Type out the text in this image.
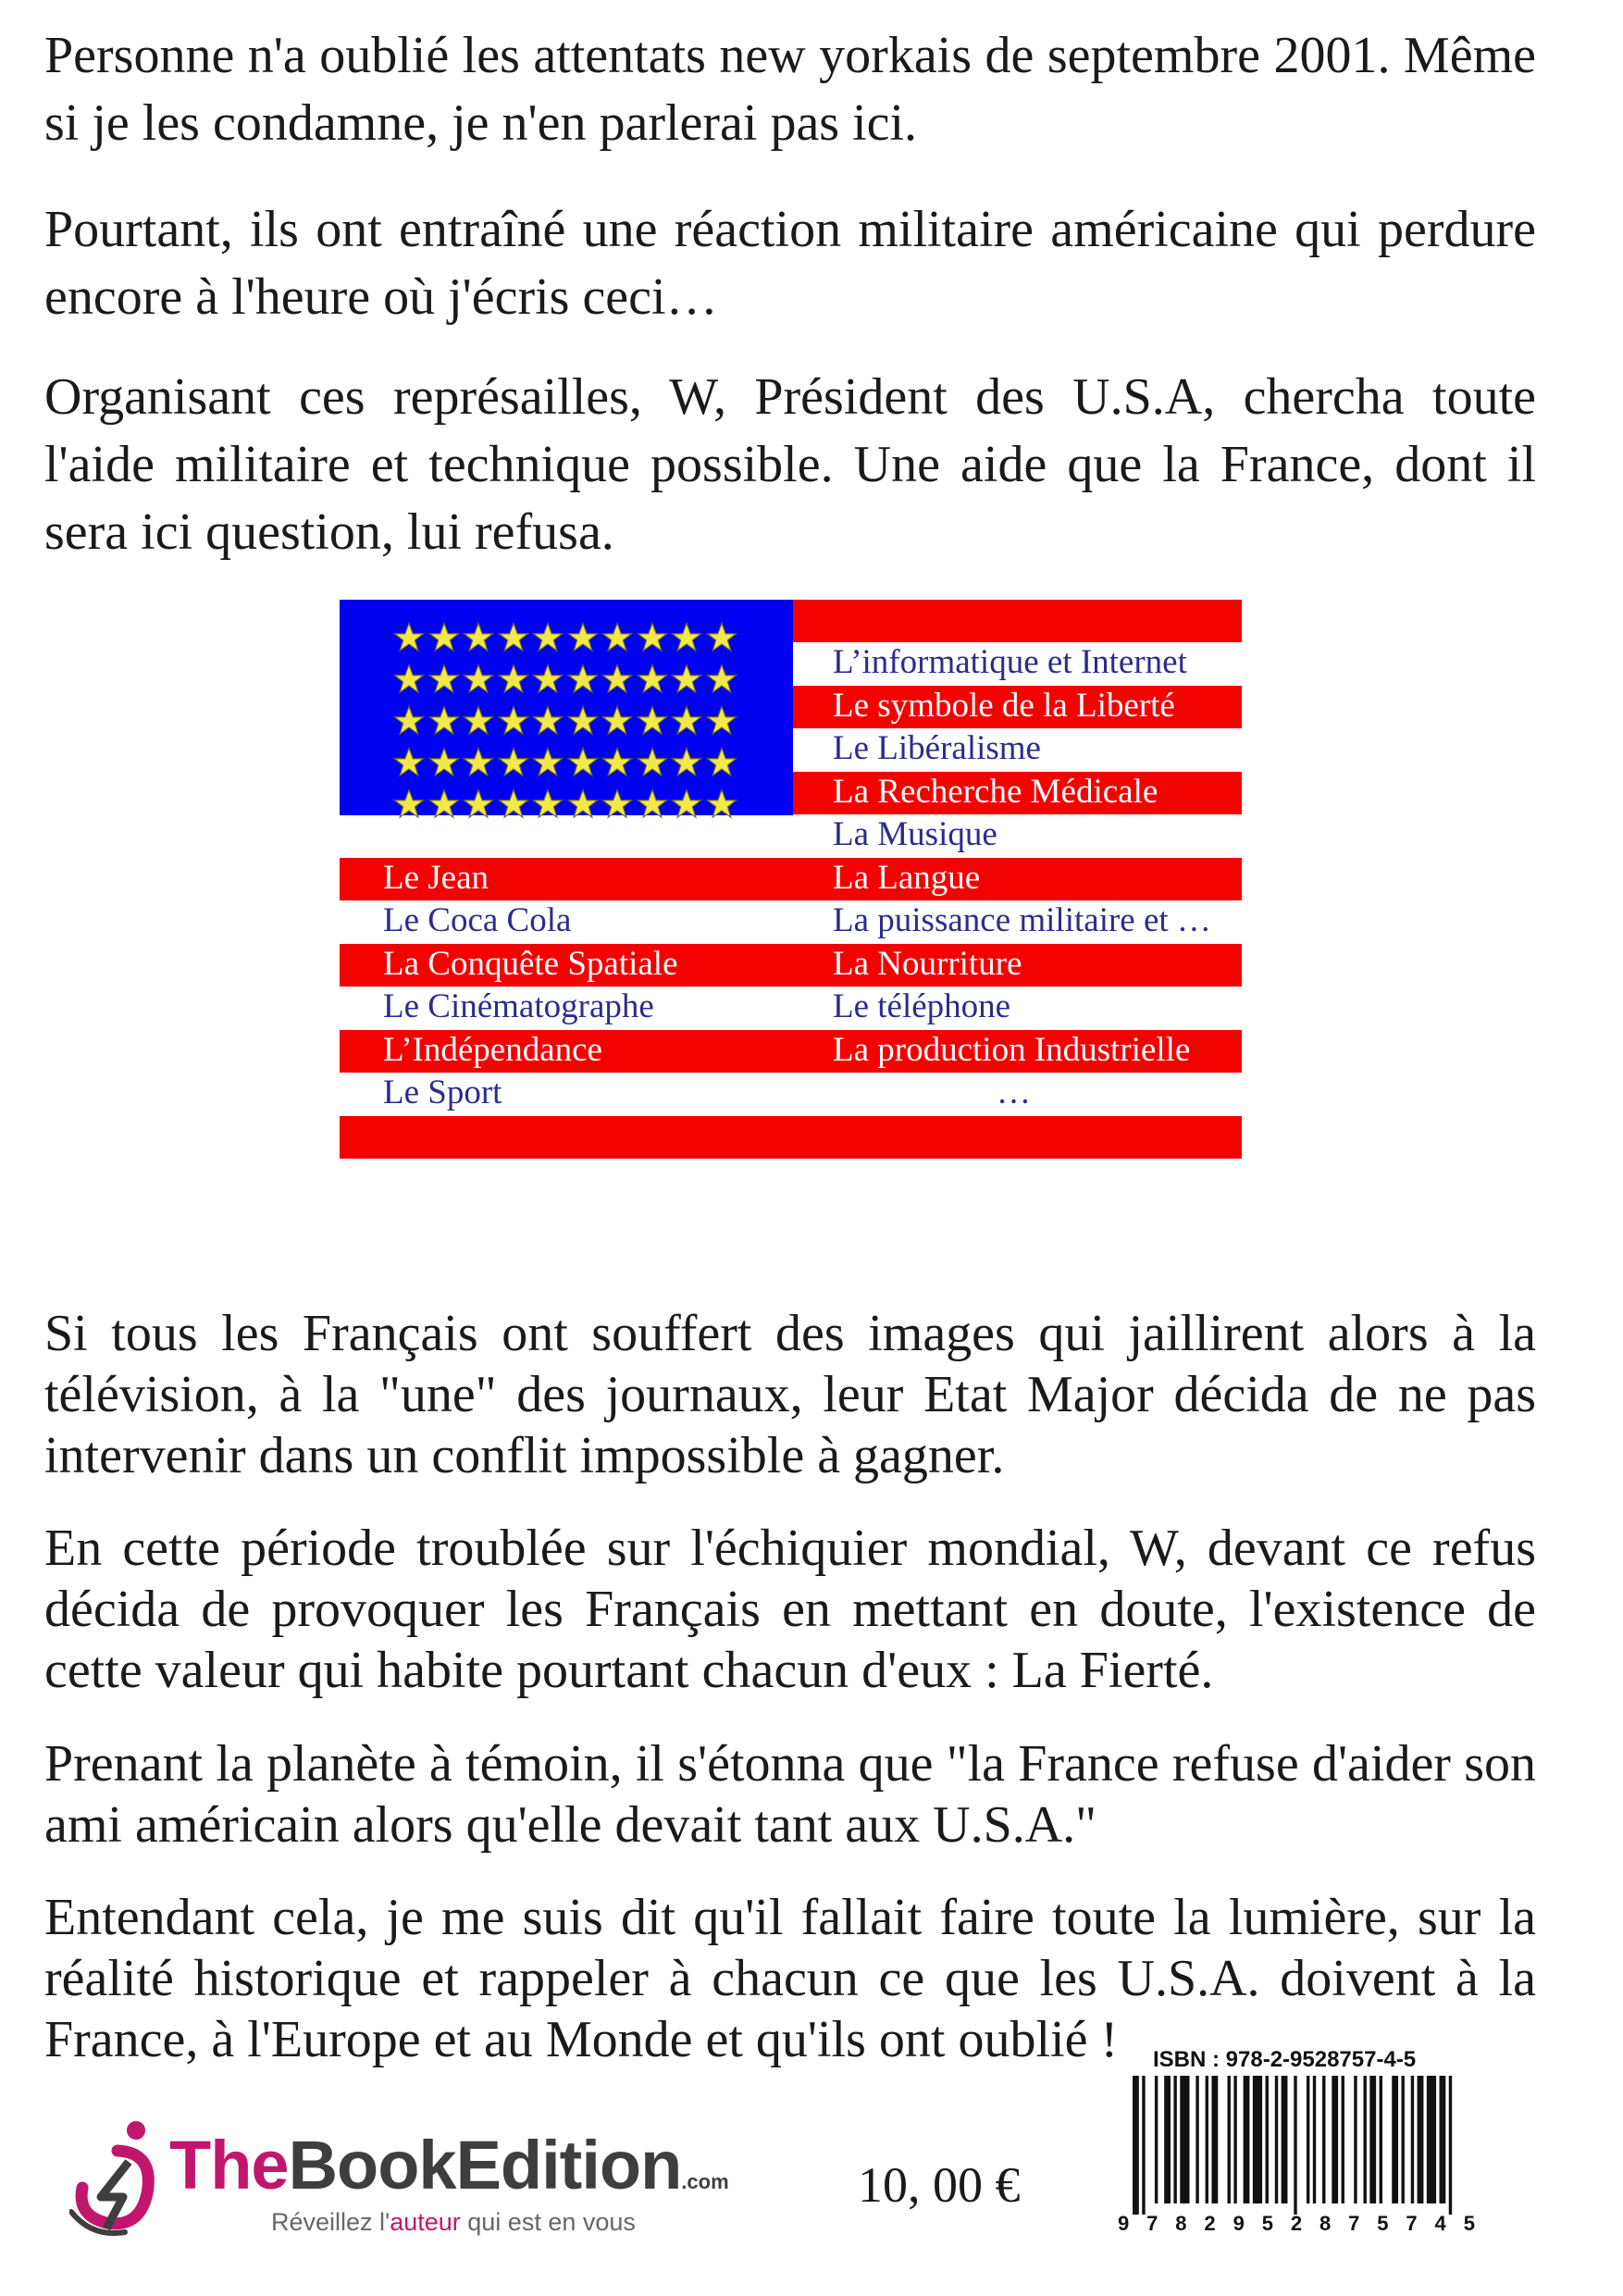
Personne n'a oublié les attentats new yorkais de septembre 2001. Même si je les condamne, je n'en parlerai pas ici.

Pourtant, ils ont entraîné une réaction militaire américaine qui perdure encore à l'heure où j'écris ceci…

Organisant ces représailles, W, Président des U.S.A, chercha toute l'aide militaire et technique possible. Une aide que la France, dont il sera ici question, lui refusa.

L’informatique et Internet
Le symbole de la Liberté
Le Libéralisme
La Recherche Médicale
La Musique
La Langue
La puissance militaire et …
La Nourriture
Le téléphone
La production Industrielle
…
Le Jean
Le Coca Cola
La Conquête Spatiale
Le Cinématographe
L’Indépendance
Le Sport

Si tous les Français ont souffert des images qui jaillirent alors à la télévision, à la "une" des journaux, leur Etat Major décida de ne pas intervenir dans un conflit impossible à gagner.

En cette période troublée sur l'échiquier mondial, W, devant ce refus décida de provoquer les Français en mettant en doute, l'existence de cette valeur qui habite pourtant chacun d'eux : La Fierté.

Prenant la planète à témoin, il s'étonna que "la France refuse d'aider son ami américain alors qu'elle devait tant aux U.S.A."

Entendant cela, je me suis dit qu'il fallait faire toute la lumière, sur la réalité historique et rappeler à chacun ce que les U.S.A. doivent à la France, à l'Europe et au Monde et qu'ils ont oublié !

TheBookEdition.com
Réveillez l'auteur qui est en vous
10, 00 €
ISBN : 978-2-9528757-4-5
9 7 8 2 9 5 2 8 7 5 7 4 5
